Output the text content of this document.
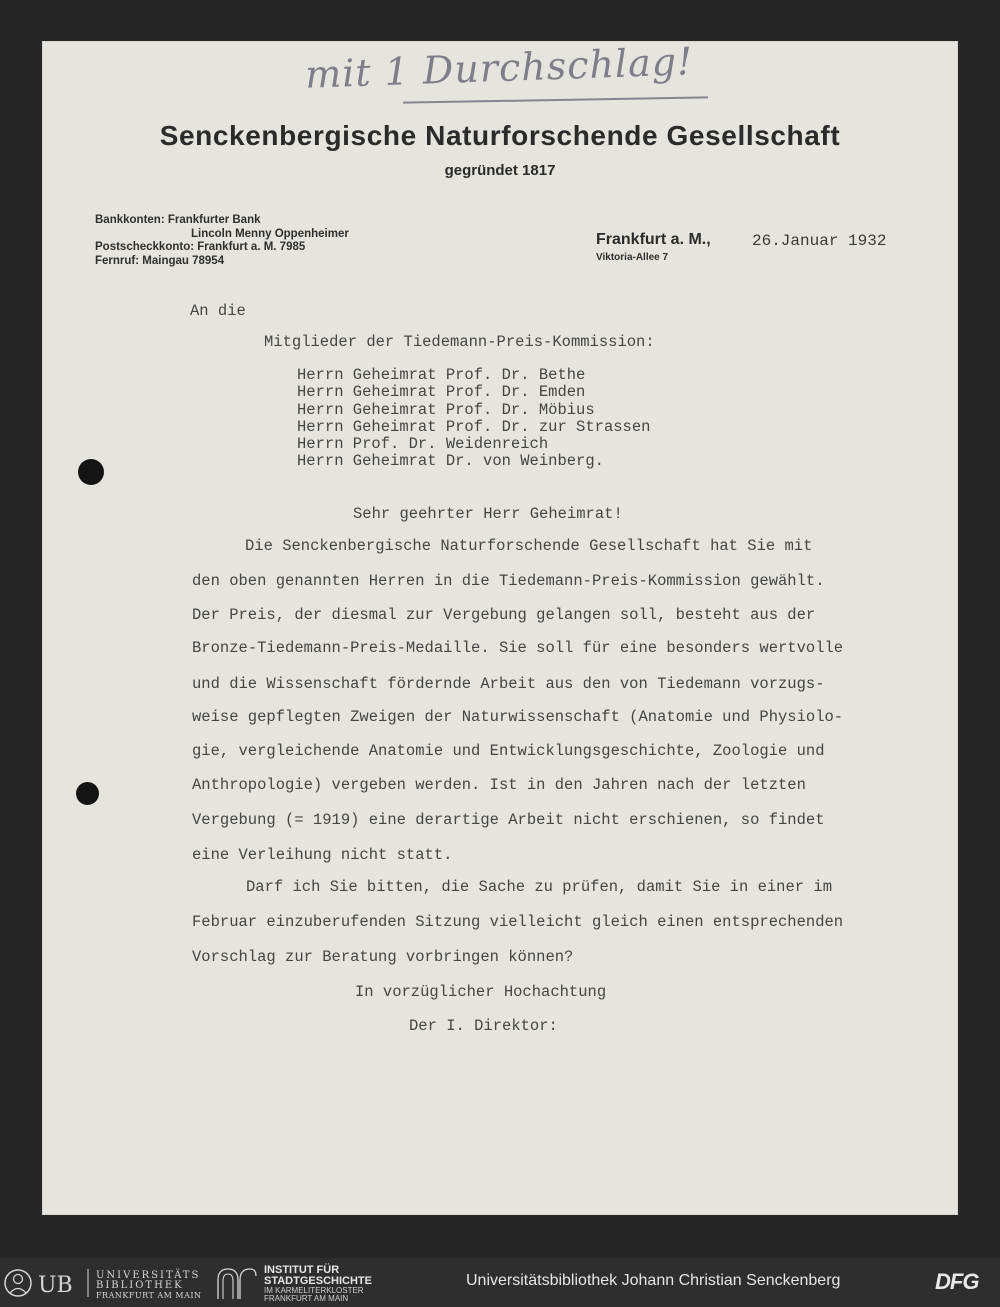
mit 1 Durchschlag!
Senckenbergische Naturforschende Gesellschaft
gegründet 1817
Bankkonten: Frankfurter Bank
Lincoln Menny Oppenheimer
Postscheckkonto: Frankfurt a. M. 7985
Fernruf: Maingau 78954
Frankfurt a. M.,	26.Januar 1932
Viktoria-Allee 7
An die
Mitglieder der Tiedemann-Preis-Kommission:
Herrn Geheimrat Prof. Dr. Bethe
Herrn Geheimrat Prof. Dr. Emden
Herrn Geheimrat Prof. Dr. Möbius
Herrn Geheimrat Prof. Dr. zur Strassen
Herrn Prof. Dr. Weidenreich
Herrn Geheimrat Dr. von Weinberg.
Sehr geehrter Herr Geheimrat!
Die Senckenbergische Naturforschende Gesellschaft hat Sie mit
den oben genannten Herren in die Tiedemann-Preis-Kommission gewählt.
Der Preis, der diesmal zur Vergebung gelangen soll, besteht aus der
Bronze-Tiedemann-Preis-Medaille. Sie soll für eine besonders wertvolle
und die Wissenschaft fördernde Arbeit aus den von Tiedemann vorzugs-
weise gepflegten Zweigen der Naturwissenschaft (Anatomie und Physiolo-
gie, vergleichende Anatomie und Entwicklungsgeschichte, Zoologie und
Anthropologie) vergeben werden. Ist in den Jahren nach der letzten
Vergebung (= 1919) eine derartige Arbeit nicht erschienen, so findet
eine Verleihung nicht statt.
Darf ich Sie bitten, die Sache zu prüfen, damit Sie in einer im
Februar einzuberufenden Sitzung vielleicht gleich einen entsprechenden
Vorschlag zur Beratung vorbringen können?
In vorzüglicher Hochachtung
Der I. Direktor:
UB UNIVERSITÄTS
BIBLIOTHEK
FRANKFURT AM MAIN
INSTITUT FÜR
STADTGESCHICHTE
IM KARMELITERKLOSTER
FRANKFURT AM MAIN
Universitätsbibliothek Johann Christian Senckenberg	DFG
